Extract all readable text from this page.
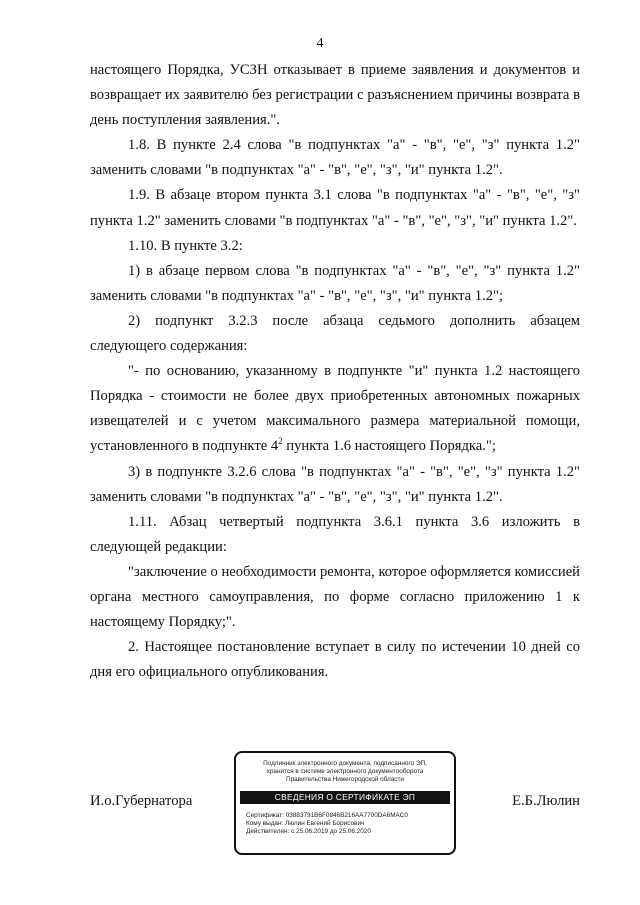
4

настоящего Порядка, УСЗН отказывает в приеме заявления и документов и возвращает их заявителю без регистрации с разъяснением причины возврата в день поступления заявления.".

1.8. В пункте 2.4 слова "в подпунктах "а" - "в", "е", "з" пункта 1.2" заменить словами "в подпунктах "а" - "в", "е", "з", "и" пункта 1.2".

1.9. В абзаце втором пункта 3.1 слова "в подпунктах "а" - "в", "е", "з" пункта 1.2" заменить словами "в подпунктах "а" - "в", "е", "з", "и" пункта 1.2".

1.10. В пункте 3.2:

1) в абзаце первом слова "в подпунктах "а" - "в", "е", "з" пункта 1.2" заменить словами "в подпунктах "а" - "в", "е", "з", "и" пункта 1.2";

2) подпункт 3.2.3 после абзаца седьмого дополнить абзацем следующего содержания:

"- по основанию, указанному в подпункте "и" пункта 1.2 настоящего Порядка - стоимости не более двух приобретенных автономных пожарных извещателей и с учетом максимального размера материальной помощи, установленного в подпункте $4^2$ пункта 1.6 настоящего Порядка.";

3) в подпункте 3.2.6 слова "в подпунктах "а" - "в", "е", "з" пункта 1.2" заменить словами "в подпунктах "а" - "в", "е", "з", "и" пункта 1.2".

1.11. Абзац четвертый подпункта 3.6.1 пункта 3.6 изложить в следующей редакции:

"заключение о необходимости ремонта, которое оформляется комиссией органа местного самоуправления, по форме согласно приложению 1 к настоящему Порядку;".

2. Настоящее постановление вступает в силу по истечении 10 дней со дня его официального опубликования.

И.о.Губернатора	Е.Б.Люлин
Подлинник электронного документа, подписанного ЭП,
хранится в системе электронного документооборота
Правительства Нижегородской области
СВЕДЕНИЯ О СЕРТИФИКАТЕ ЭП
Сертификат: 03883791B6F0846B216AA7700DA6MAC0
Кому выдан: Люлин Евгений Борисович
Действителен: с 25.06.2019 до 25.06.2020
